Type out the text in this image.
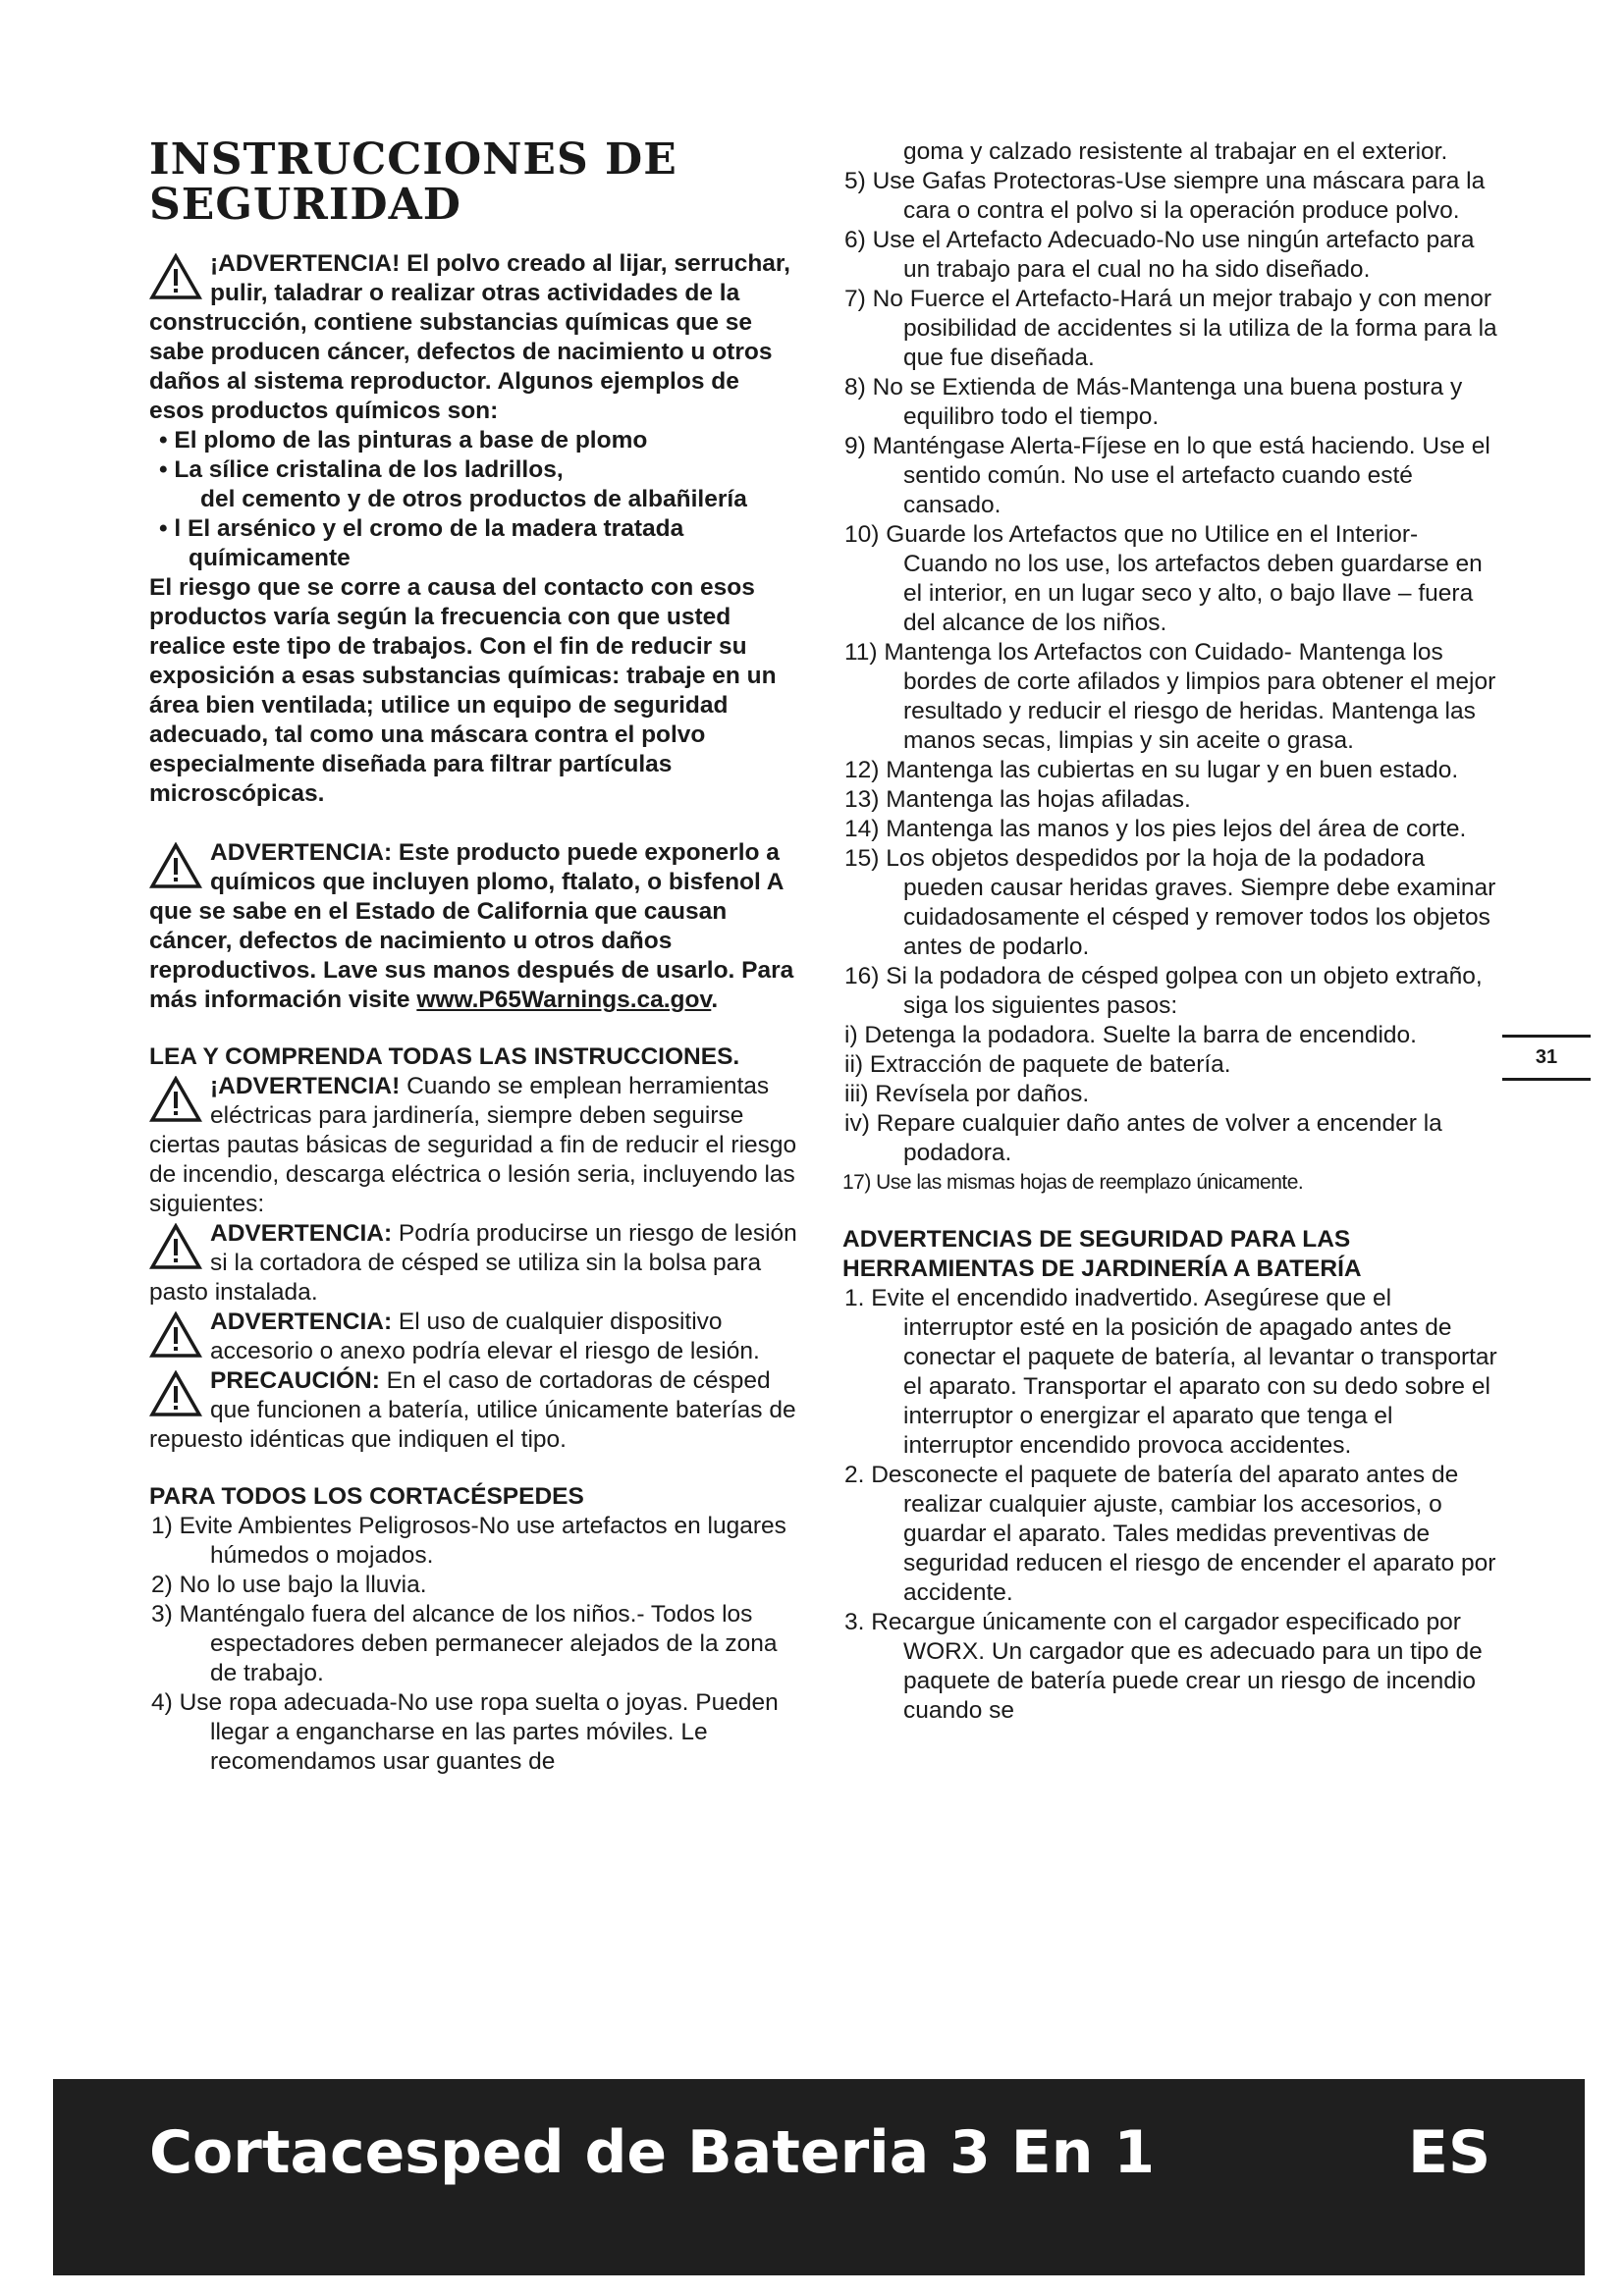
INSTRUCCIONES DE SEGURIDAD

¡ADVERTENCIA! El polvo creado al lijar, serruchar, pulir, taladrar o realizar otras actividades de la construcción, contiene substancias químicas que se sabe producen cáncer, defectos de nacimiento u otros daños al sistema reproductor. Algunos ejemplos de esos productos químicos son:

• El plomo de las pinturas a base de plomo

• La sílice cristalina de los ladrillos,

del cemento y de otros productos de albañilería

• l El arsénico y el cromo de la madera tratada químicamente

El riesgo que se corre a causa del contacto con esos productos varía según la frecuencia con que usted realice este tipo de trabajos. Con el fin de reducir su exposición a esas substancias químicas: trabaje en un área bien ventilada; utilice un equipo de seguridad adecuado, tal como una máscara contra el polvo especialmente diseñada para filtrar partículas microscópicas.

ADVERTENCIA: Este producto puede exponerlo a químicos que incluyen plomo, ftalato, o bisfenol A que se sabe en el Estado de California que causan cáncer, defectos de nacimiento u otros daños reproductivos. Lave sus manos después de usarlo. Para más información visite www.P65Warnings.ca.gov.

LEA Y COMPRENDA TODAS LAS INSTRUCCIONES.

¡ADVERTENCIA! Cuando se emplean herramientas eléctricas para jardinería, siempre deben seguirse ciertas pautas básicas de seguridad a fin de reducir el riesgo de incendio, descarga eléctrica o lesión seria, incluyendo las siguientes:

ADVERTENCIA: Podría producirse un riesgo de lesión si la cortadora de césped se utiliza sin la bolsa para pasto instalada.

ADVERTENCIA: El uso de cualquier dispositivo accesorio o anexo podría elevar el riesgo de lesión.

PRECAUCIÓN: En el caso de cortadoras de césped que funcionen a batería, utilice únicamente baterías de repuesto idénticas que indiquen el tipo.

PARA TODOS LOS CORTACÉSPEDES

1) Evite Ambientes Peligrosos-No use artefactos en lugares húmedos o mojados.

2) No lo use bajo la lluvia.

3) Manténgalo fuera del alcance de los niños.- Todos los espectadores deben permanecer alejados de la zona de trabajo.

4) Use ropa adecuada-No use ropa suelta o joyas. Pueden llegar a engancharse en las partes móviles. Le recomendamos usar guantes de

goma y calzado resistente al trabajar en el exterior.

5) Use Gafas Protectoras-Use siempre una máscara para la cara o contra el polvo si la operación produce polvo.

6) Use el Artefacto Adecuado-No use ningún artefacto para un trabajo para el cual no ha sido diseñado.

7) No Fuerce el Artefacto-Hará un mejor trabajo y con menor posibilidad de accidentes si la utiliza de la forma para la que fue diseñada.

8) No se Extienda de Más-Mantenga una buena postura y equilibro todo el tiempo.

9) Manténgase Alerta-Fíjese en lo que está haciendo. Use el sentido común. No use el artefacto cuando esté cansado.

10) Guarde los Artefactos que no Utilice en el Interior-Cuando no los use, los artefactos deben guardarse en el interior, en un lugar seco y alto, o bajo llave – fuera del alcance de los niños.

11) Mantenga los Artefactos con Cuidado- Mantenga los bordes de corte afilados y limpios para obtener el mejor resultado y reducir el riesgo de heridas. Mantenga las manos secas, limpias y sin aceite o grasa.

12) Mantenga las cubiertas en su lugar y en buen estado.

13) Mantenga las hojas afiladas.

14) Mantenga las manos y los pies lejos del área de corte.

15) Los objetos despedidos por la hoja de la podadora pueden causar heridas graves. Siempre debe examinar cuidadosamente el césped y remover todos los objetos antes de podarlo.

16) Si la podadora de césped golpea con un objeto extraño, siga los siguientes pasos:

i) Detenga la podadora. Suelte la barra de encendido.

ii) Extracción de paquete de batería.

iii) Revísela por daños.

iv) Repare cualquier daño antes de volver a encender la podadora.

17) Use las mismas hojas de reemplazo únicamente.

ADVERTENCIAS DE SEGURIDAD PARA LAS HERRAMIENTAS DE JARDINERÍA A BATERÍA

1. Evite el encendido inadvertido. Asegúrese que el interruptor esté en la posición de apagado antes de conectar el paquete de batería, al levantar o transportar el aparato. Transportar el aparato con su dedo sobre el interruptor o energizar el aparato que tenga el interruptor encendido provoca accidentes.

2. Desconecte el paquete de batería del aparato antes de realizar cualquier ajuste, cambiar los accesorios, o guardar el aparato. Tales medidas preventivas de seguridad reducen el riesgo de encender el aparato por accidente.

3. Recargue únicamente con el cargador especificado por WORX. Un cargador que es adecuado para un tipo de paquete de batería puede crear un riesgo de incendio cuando se

31
Cortacesped de Bateria 3 En 1	ES
